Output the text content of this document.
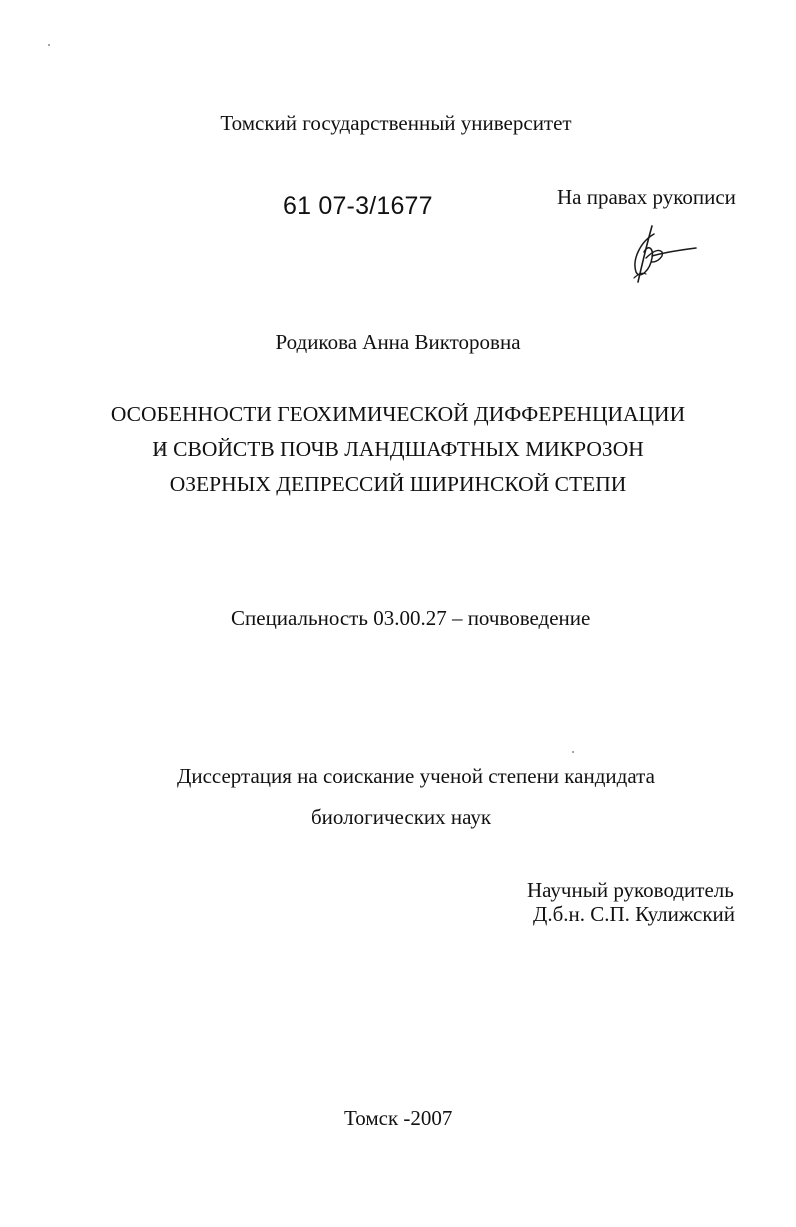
Томский государственный университет
61 07-3/1677	На правах рукописи
Родикова Анна Викторовна
ОСОБЕННОСТИ ГЕОХИМИЧЕСКОЙ ДИФФЕРЕНЦИАЦИИ
И СВОЙСТВ ПОЧВ ЛАНДШАФТНЫХ МИКРОЗОН
ОЗЕРНЫХ ДЕПРЕССИЙ ШИРИНСКОЙ СТЕПИ
Специальность 03.00.27 – почвоведение
Диссертация на соискание ученой степени кандидата
биологических наук
Научный руководитель
Д.б.н. С.П. Кулижский
Томск -2007
